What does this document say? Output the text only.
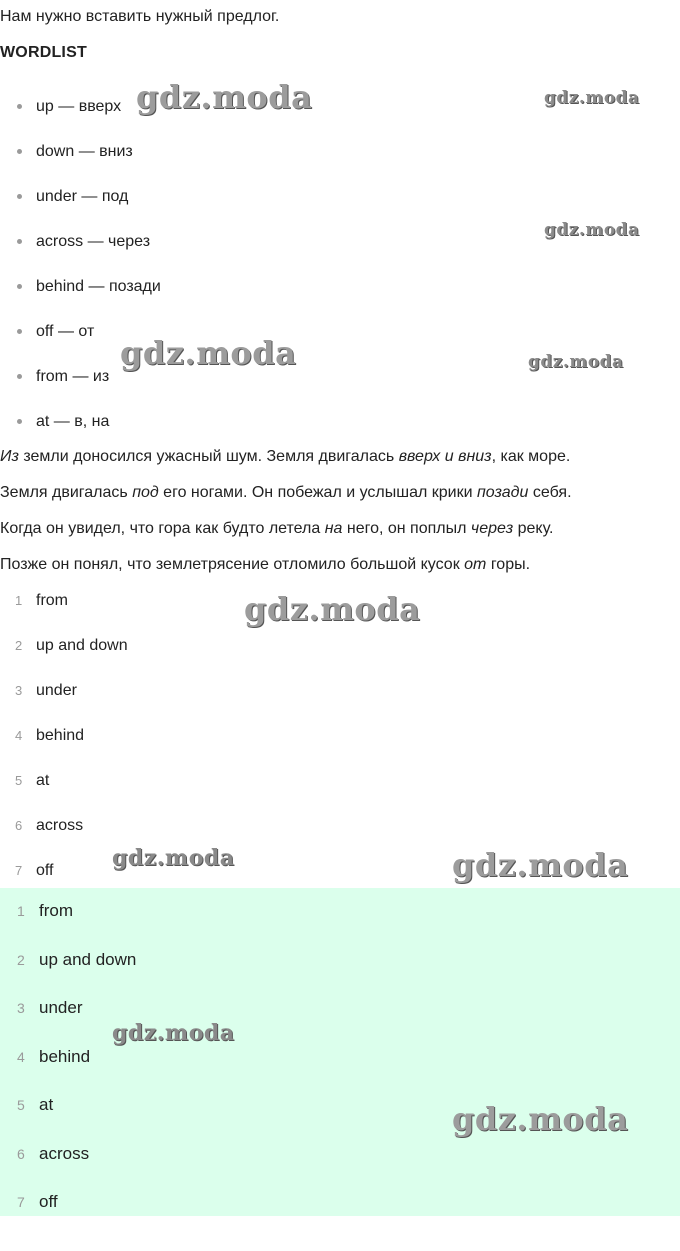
Нам нужно вставить нужный предлог.

WORDLIST

up — вверх
down — вниз
under — под
across — через
behind — позади
off — от
from — из
at — в, на

Из земли доносился ужасный шум. Земля двигалась вверх и вниз, как море.

Земля двигалась под его ногами. Он побежал и услышал крики позади себя.

Когда он увидел, что гора как будто летела на него, он поплыл через реку.

Позже он понял, что землетрясение отломило большой кусок от горы.

1 from
2 up and down
3 under
4 behind
5 at
6 across
7 off
1 from
2 up and down
3 under
4 behind
5 at
6 across
7 off
gdz.moda	gdz.moda
gdz.moda
gdz.moda	gdz.moda
gdz.moda
gdz.moda	gdz.moda
gdz.moda
gdz.moda
